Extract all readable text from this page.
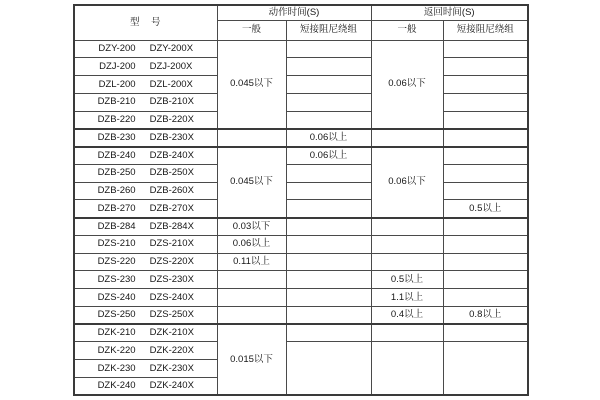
型　号	动作时间(S)		返回时间(S)	
	一般	短接阻尼绕组	一般	短接阻尼绕组

DZY-200 DZY-200X	0.045以下		0.06以下	

DZJ-200 DZJ-200X				

DZL-200 DZL-200X				

DZB-210 DZB-210X				

DZB-220 DZB-220X				

DZB-230 DZB-230X		0.06以上		

DZB-240 DZB-240X	0.045以下	0.06以上	0.06以下	

DZB-250 DZB-250X				

DZB-260 DZB-260X				

DZB-270 DZB-270X				0.5以上

DZB-284 DZB-284X	0.03以下			

DZS-210 DZS-210X	0.06以上			

DZS-220 DZS-220X	0.11以上			

DZS-230 DZS-230X			0.5以上	

DZS-240 DZS-240X			1.1以上	

DZS-250 DZS-250X			0.4以上	0.8以上

DZK-210 DZK-210X	0.015以下			

DZK-220 DZK-220X				

DZK-230 DZK-230X				

DZK-240 DZK-240X				
